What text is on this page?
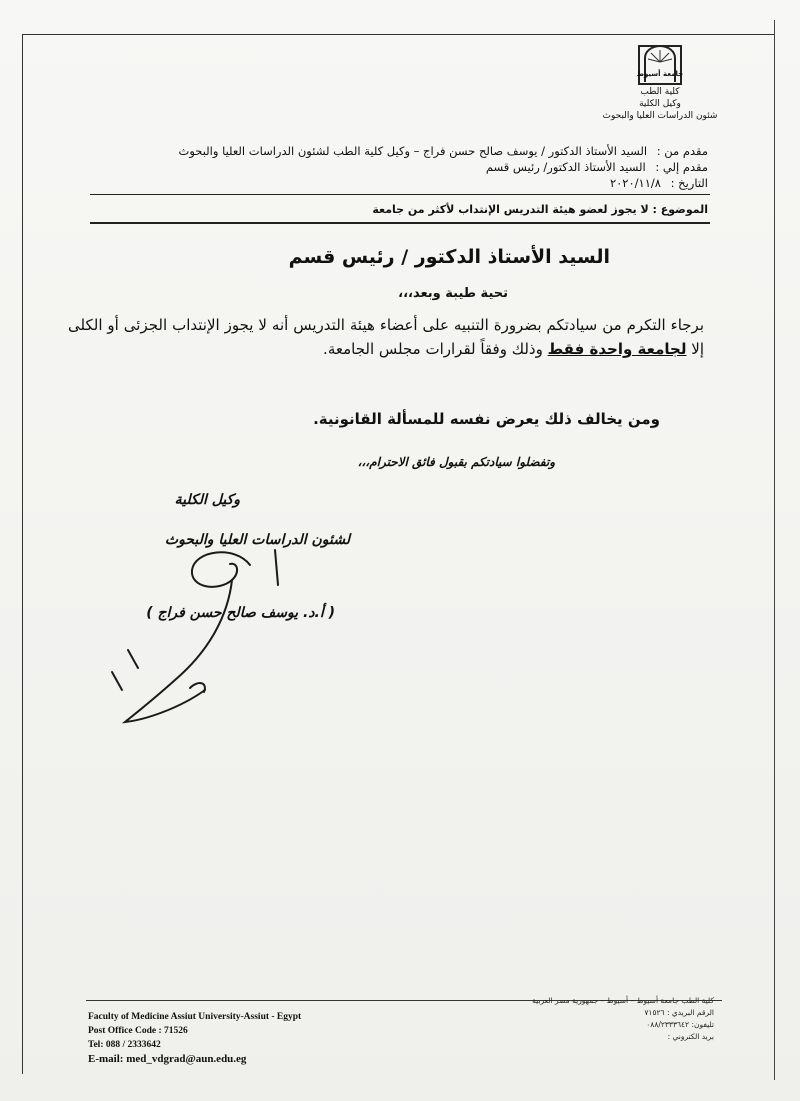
جامعة أسيوط
كلية الطب
وكيل الكلية
شئون الدراسات العليا والبحوث
مقدم من : السيد الأستاذ الدكتور / يوسف صالح حسن فراج – وكيل كلية الطب لشئون الدراسات العليا والبحوث
مقدم إلي : السيد الأستاذ الدكتور/ رئيس قسم
التاريخ : ٢٠٢٠/١١/٨
الموضوع : لا يجوز لعضو هيئة التدريس الإنتداب لأكثر من جامعة
السيد الأستاذ الدكتور / رئيس قسم
تحية طيبة وبعد،،،
برجاء التكرم من سيادتكم بضرورة التنبيه على أعضاء هيئة التدريس أنه لا يجوز الإنتداب الجزئى أو الكلى إلا لجامعة واحدة فقط وذلك وفقاً لقرارات مجلس الجامعة.
ومن يخالف ذلك يعرض نفسه للمسألة القانونية.
وتفضلوا سيادتكم بقبول فائق الاحترام،،،
وكيل الكلية
لشئون الدراسات العليا والبحوث
( أ.د. يوسف صالح حسن فراج )
Faculty of Medicine Assiut University-Assiut - Egypt
Post Office Code : 71526
Tel: 088 / 2333642
E-mail: med_vdgrad@aun.edu.eg
كلية الطب جامعة أسيوط – أسيوط – جمهورية مصر العربية
الرقم البريدي : ٧١٥٢٦
تليفون: ٠٨٨/٢٣٣٣٦٤٢
بريد الكتروني :
